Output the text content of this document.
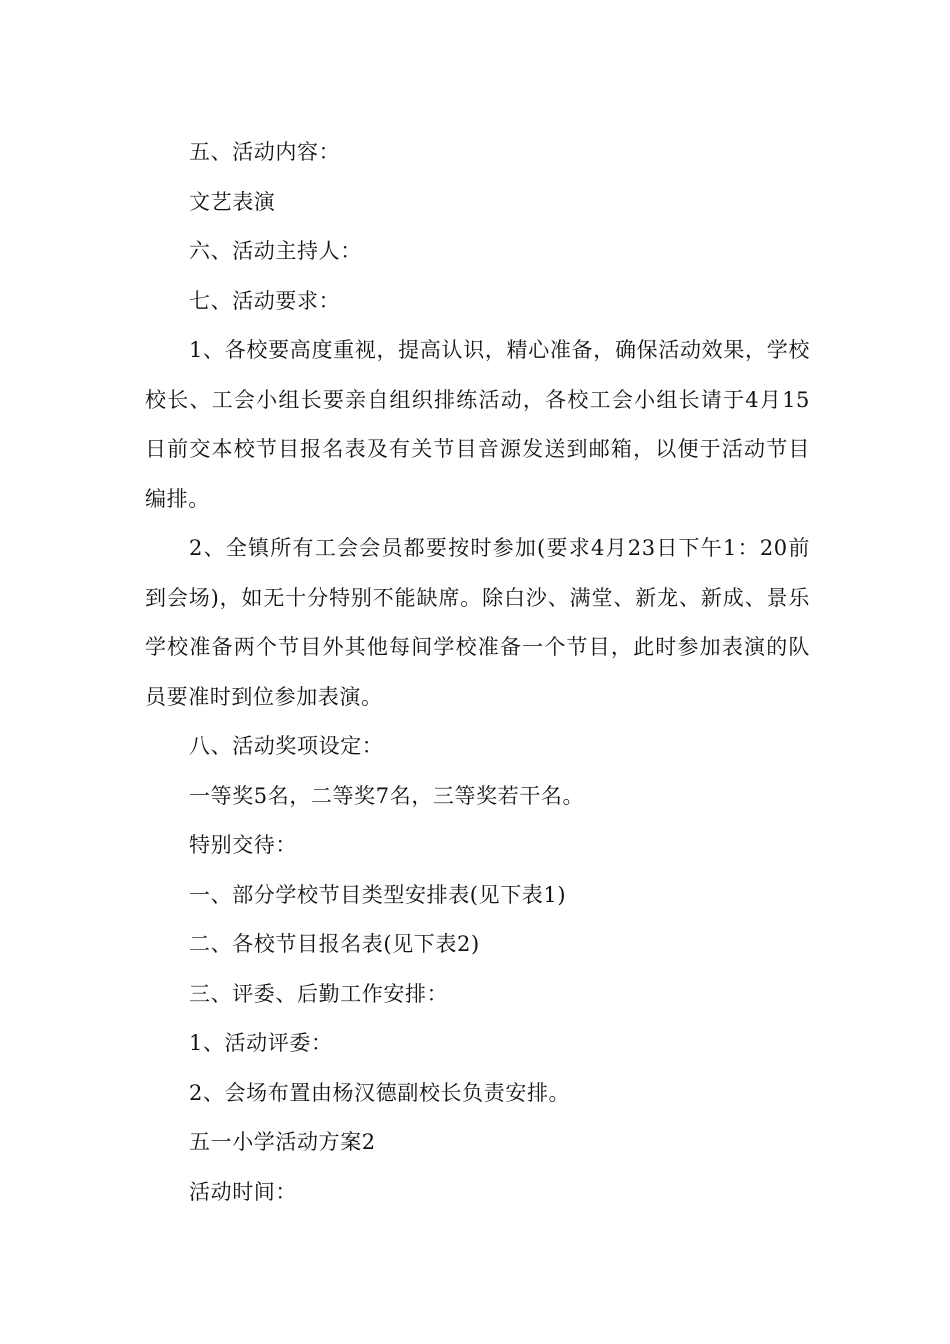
五、活动内容：

文艺表演

六、活动主持人：

七、活动要求：

1、各校要高度重视，提高认识，精心准备，确保活动效果，学校校长、工会小组长要亲自组织排练活动，各校工会小组长请于4月15日前交本校节目报名表及有关节目音源发送到邮箱，以便于活动节目编排。

2、全镇所有工会会员都要按时参加(要求4月23日下午1：20前到会场)，如无十分特别不能缺席。除白沙、满堂、新龙、新成、景乐学校准备两个节目外其他每间学校准备一个节目，此时参加表演的队员要准时到位参加表演。

八、活动奖项设定：

一等奖5名，二等奖7名，三等奖若干名。

特别交待：

一、部分学校节目类型安排表(见下表1)

二、各校节目报名表(见下表2)

三、评委、后勤工作安排：

1、活动评委：

2、会场布置由杨汉德副校长负责安排。

五一小学活动方案2

活动时间：
